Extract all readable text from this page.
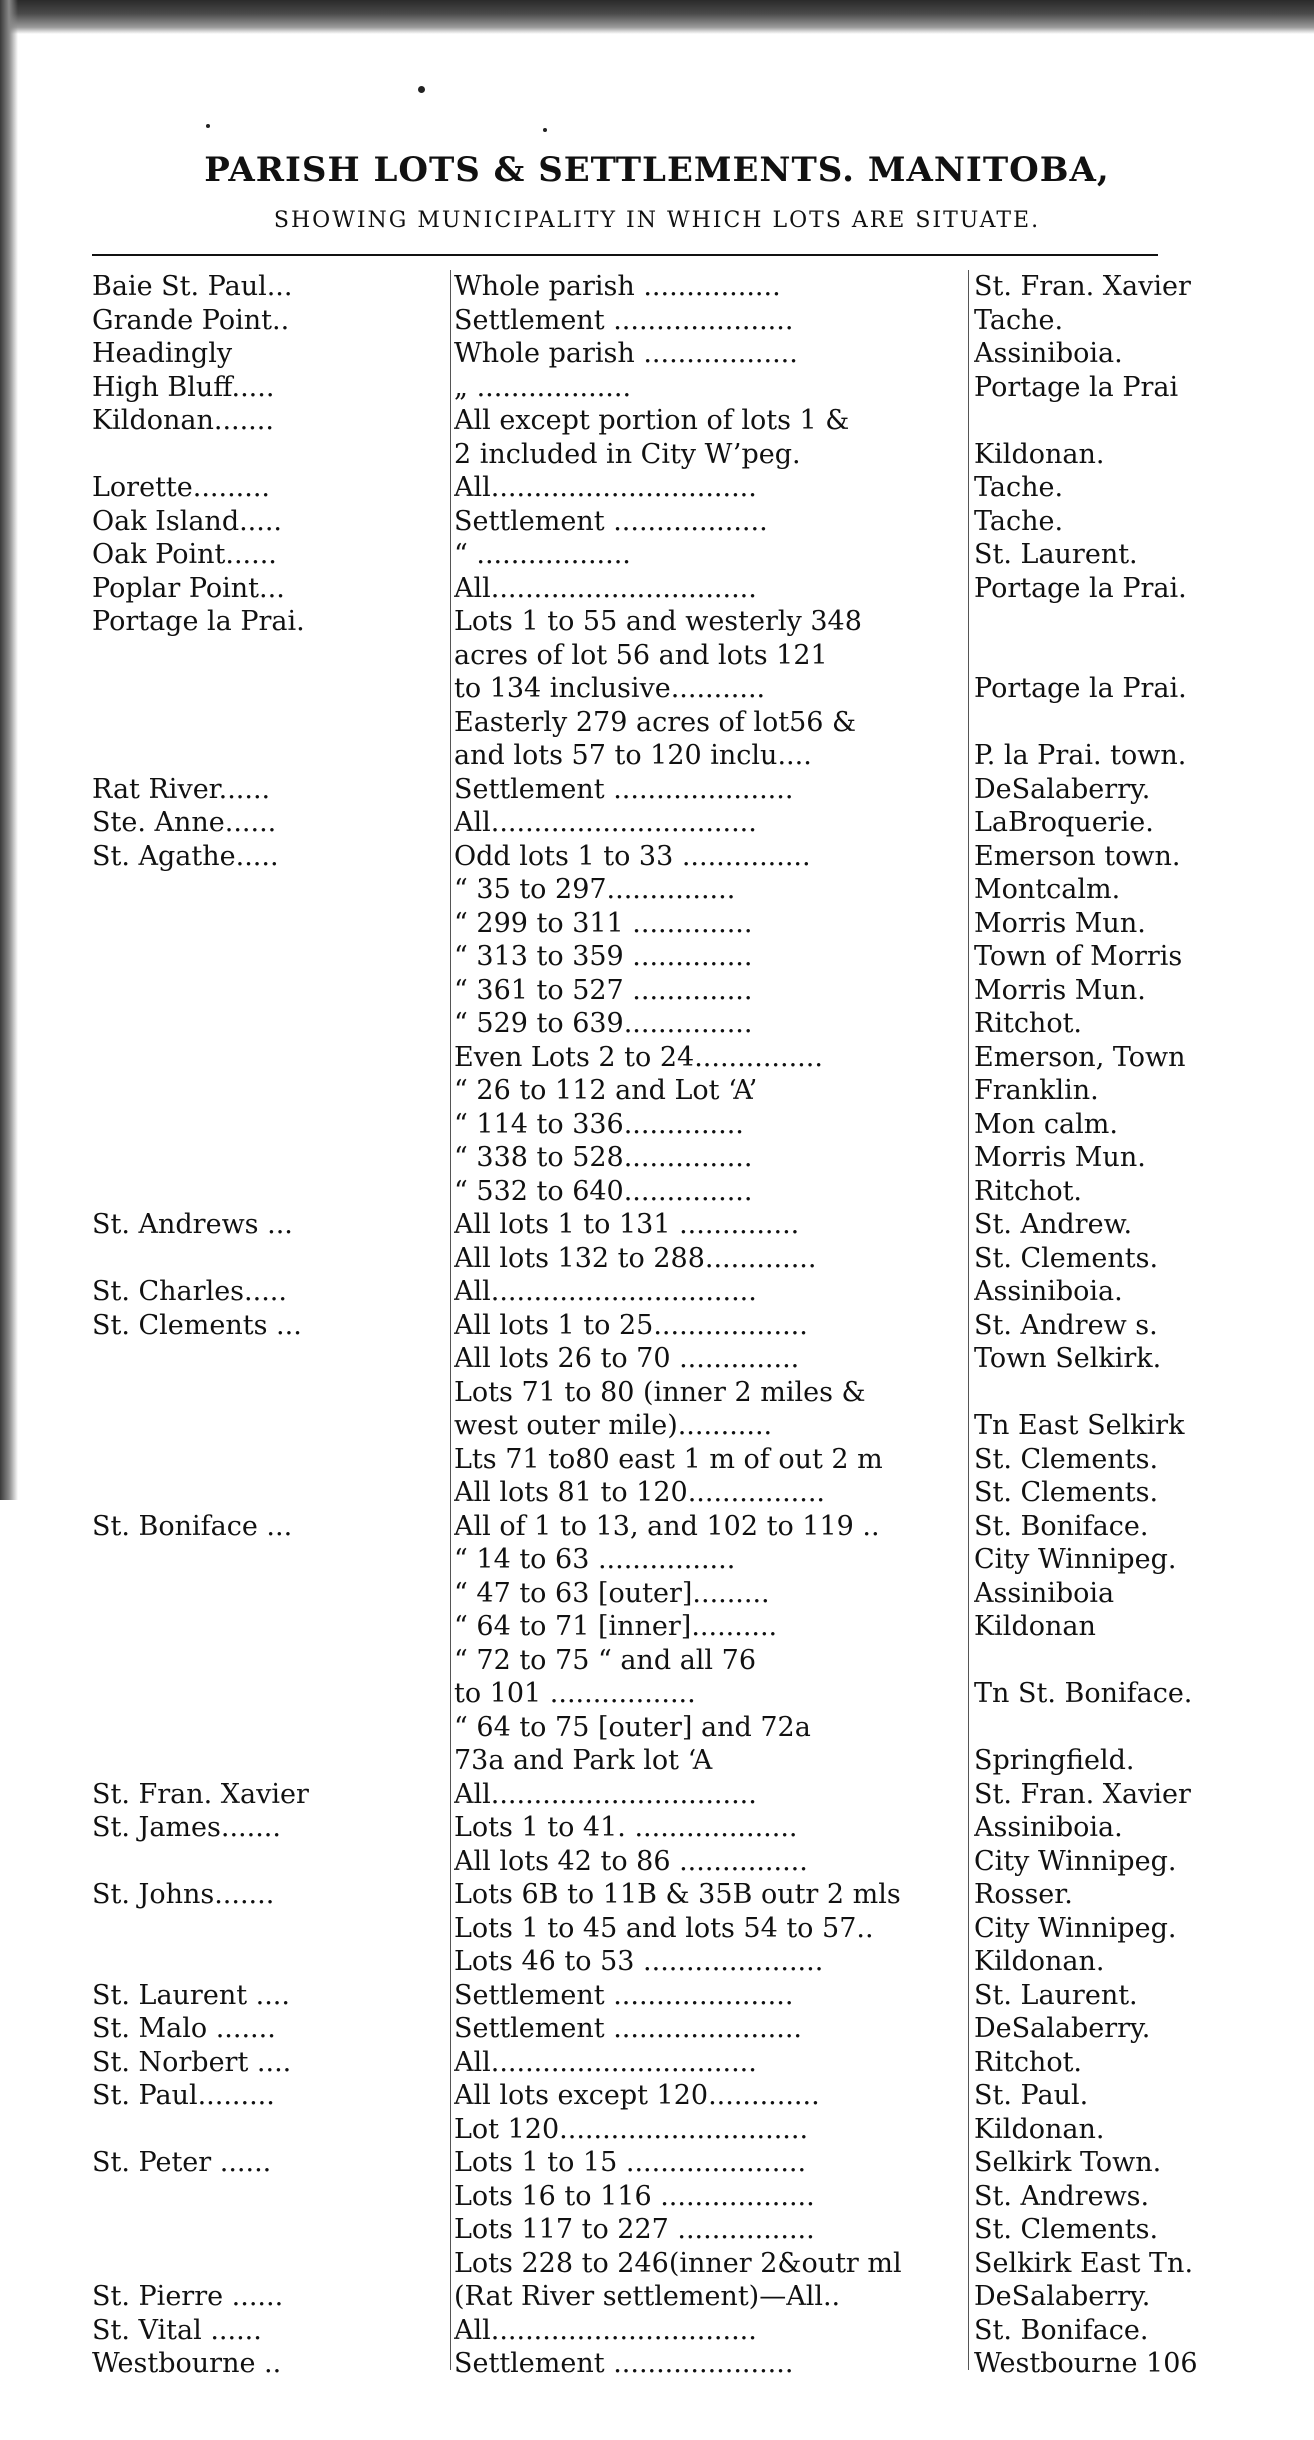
PARISH LOTS & SETTLEMENTS. MANITOBA,
SHOWING MUNICIPALITY IN WHICH LOTS ARE SITUATE.
Baie St. Paul...	Whole parish ................	St. Fran. Xavier
Grande Point..	Settlement .....................	Tache.
Headingly	Whole parish ..................	Assiniboia.
High Bluff.....	„ ..................	Portage la Prai
Kildonan.......	All except portion of lots 1 &
2 included in City W’peg.	Kildonan.
Lorette.........	All...............................	Tache.
Oak Island.....	Settlement ..................	Tache.
Oak Point......	“ ..................	St. Laurent.
Poplar Point...	All...............................	Portage la Prai.
Portage la Prai.	Lots 1 to 55 and westerly 348
acres of lot 56 and lots 121
to 134 inclusive...........	Portage la Prai.
Easterly 279 acres of lot56 &
and lots 57 to 120 inclu....	P. la Prai. town.
Rat River......	Settlement .....................	DeSalaberry.
Ste. Anne......	All...............................	LaBroquerie.
St. Agathe.....	Odd lots 1 to 33 ...............	Emerson town.
“ 35 to 297...............	Montcalm.
“ 299 to 311 ..............	Morris Mun.
“ 313 to 359 ..............	Town of Morris
“ 361 to 527 ..............	Morris Mun.
“ 529 to 639...............	Ritchot.
Even Lots 2 to 24...............	Emerson, Town
“ 26 to 112 and Lot ‘A’	Franklin.
“ 114 to 336..............	Mon calm.
“ 338 to 528...............	Morris Mun.
“ 532 to 640...............	Ritchot.
St. Andrews ...	All lots 1 to 131 ..............	St. Andrew.
All lots 132 to 288.............	St. Clements.
St. Charles.....	All...............................	Assiniboia.
St. Clements ...	All lots 1 to 25..................	St. Andrew s.
All lots 26 to 70 ..............	Town Selkirk.
Lots 71 to 80 (inner 2 miles &
west outer mile)...........	Tn East Selkirk
Lts 71 to80 east 1 m of out 2 m	St. Clements.
All lots 81 to 120................	St. Clements.
St. Boniface ...	All of 1 to 13, and 102 to 119 ..	St. Boniface.
“ 14 to 63 ................	City Winnipeg.
“ 47 to 63 [outer].........	Assiniboia
“ 64 to 71 [inner]..........	Kildonan
“ 72 to 75 “ and all 76
to 101 .................	Tn St. Boniface.
“ 64 to 75 [outer] and 72a
73a and Park lot ‘A	Springfield.
St. Fran. Xavier	All...............................	St. Fran. Xavier
St. James.......	Lots 1 to 41. ...................	Assiniboia.
All lots 42 to 86 ...............	City Winnipeg.
St. Johns.......	Lots 6B to 11B & 35B outr 2 mls	Rosser.
Lots 1 to 45 and lots 54 to 57..	City Winnipeg.
Lots 46 to 53 .....................	Kildonan.
St. Laurent ....	Settlement .....................	St. Laurent.
St. Malo .......	Settlement ......................	DeSalaberry.
St. Norbert ....	All...............................	Ritchot.
St. Paul.........	All lots except 120.............	St. Paul.
Lot 120.............................	Kildonan.
St. Peter ......	Lots 1 to 15 .....................	Selkirk Town.
Lots 16 to 116 ..................	St. Andrews.
Lots 117 to 227 ................	St. Clements.
Lots 228 to 246(inner 2&outr ml	Selkirk East Tn.
St. Pierre ......	(Rat River settlement)—All..	DeSalaberry.
St. Vital ......	All...............................	St. Boniface.
Westbourne ..	Settlement .....................	Westbourne 106
